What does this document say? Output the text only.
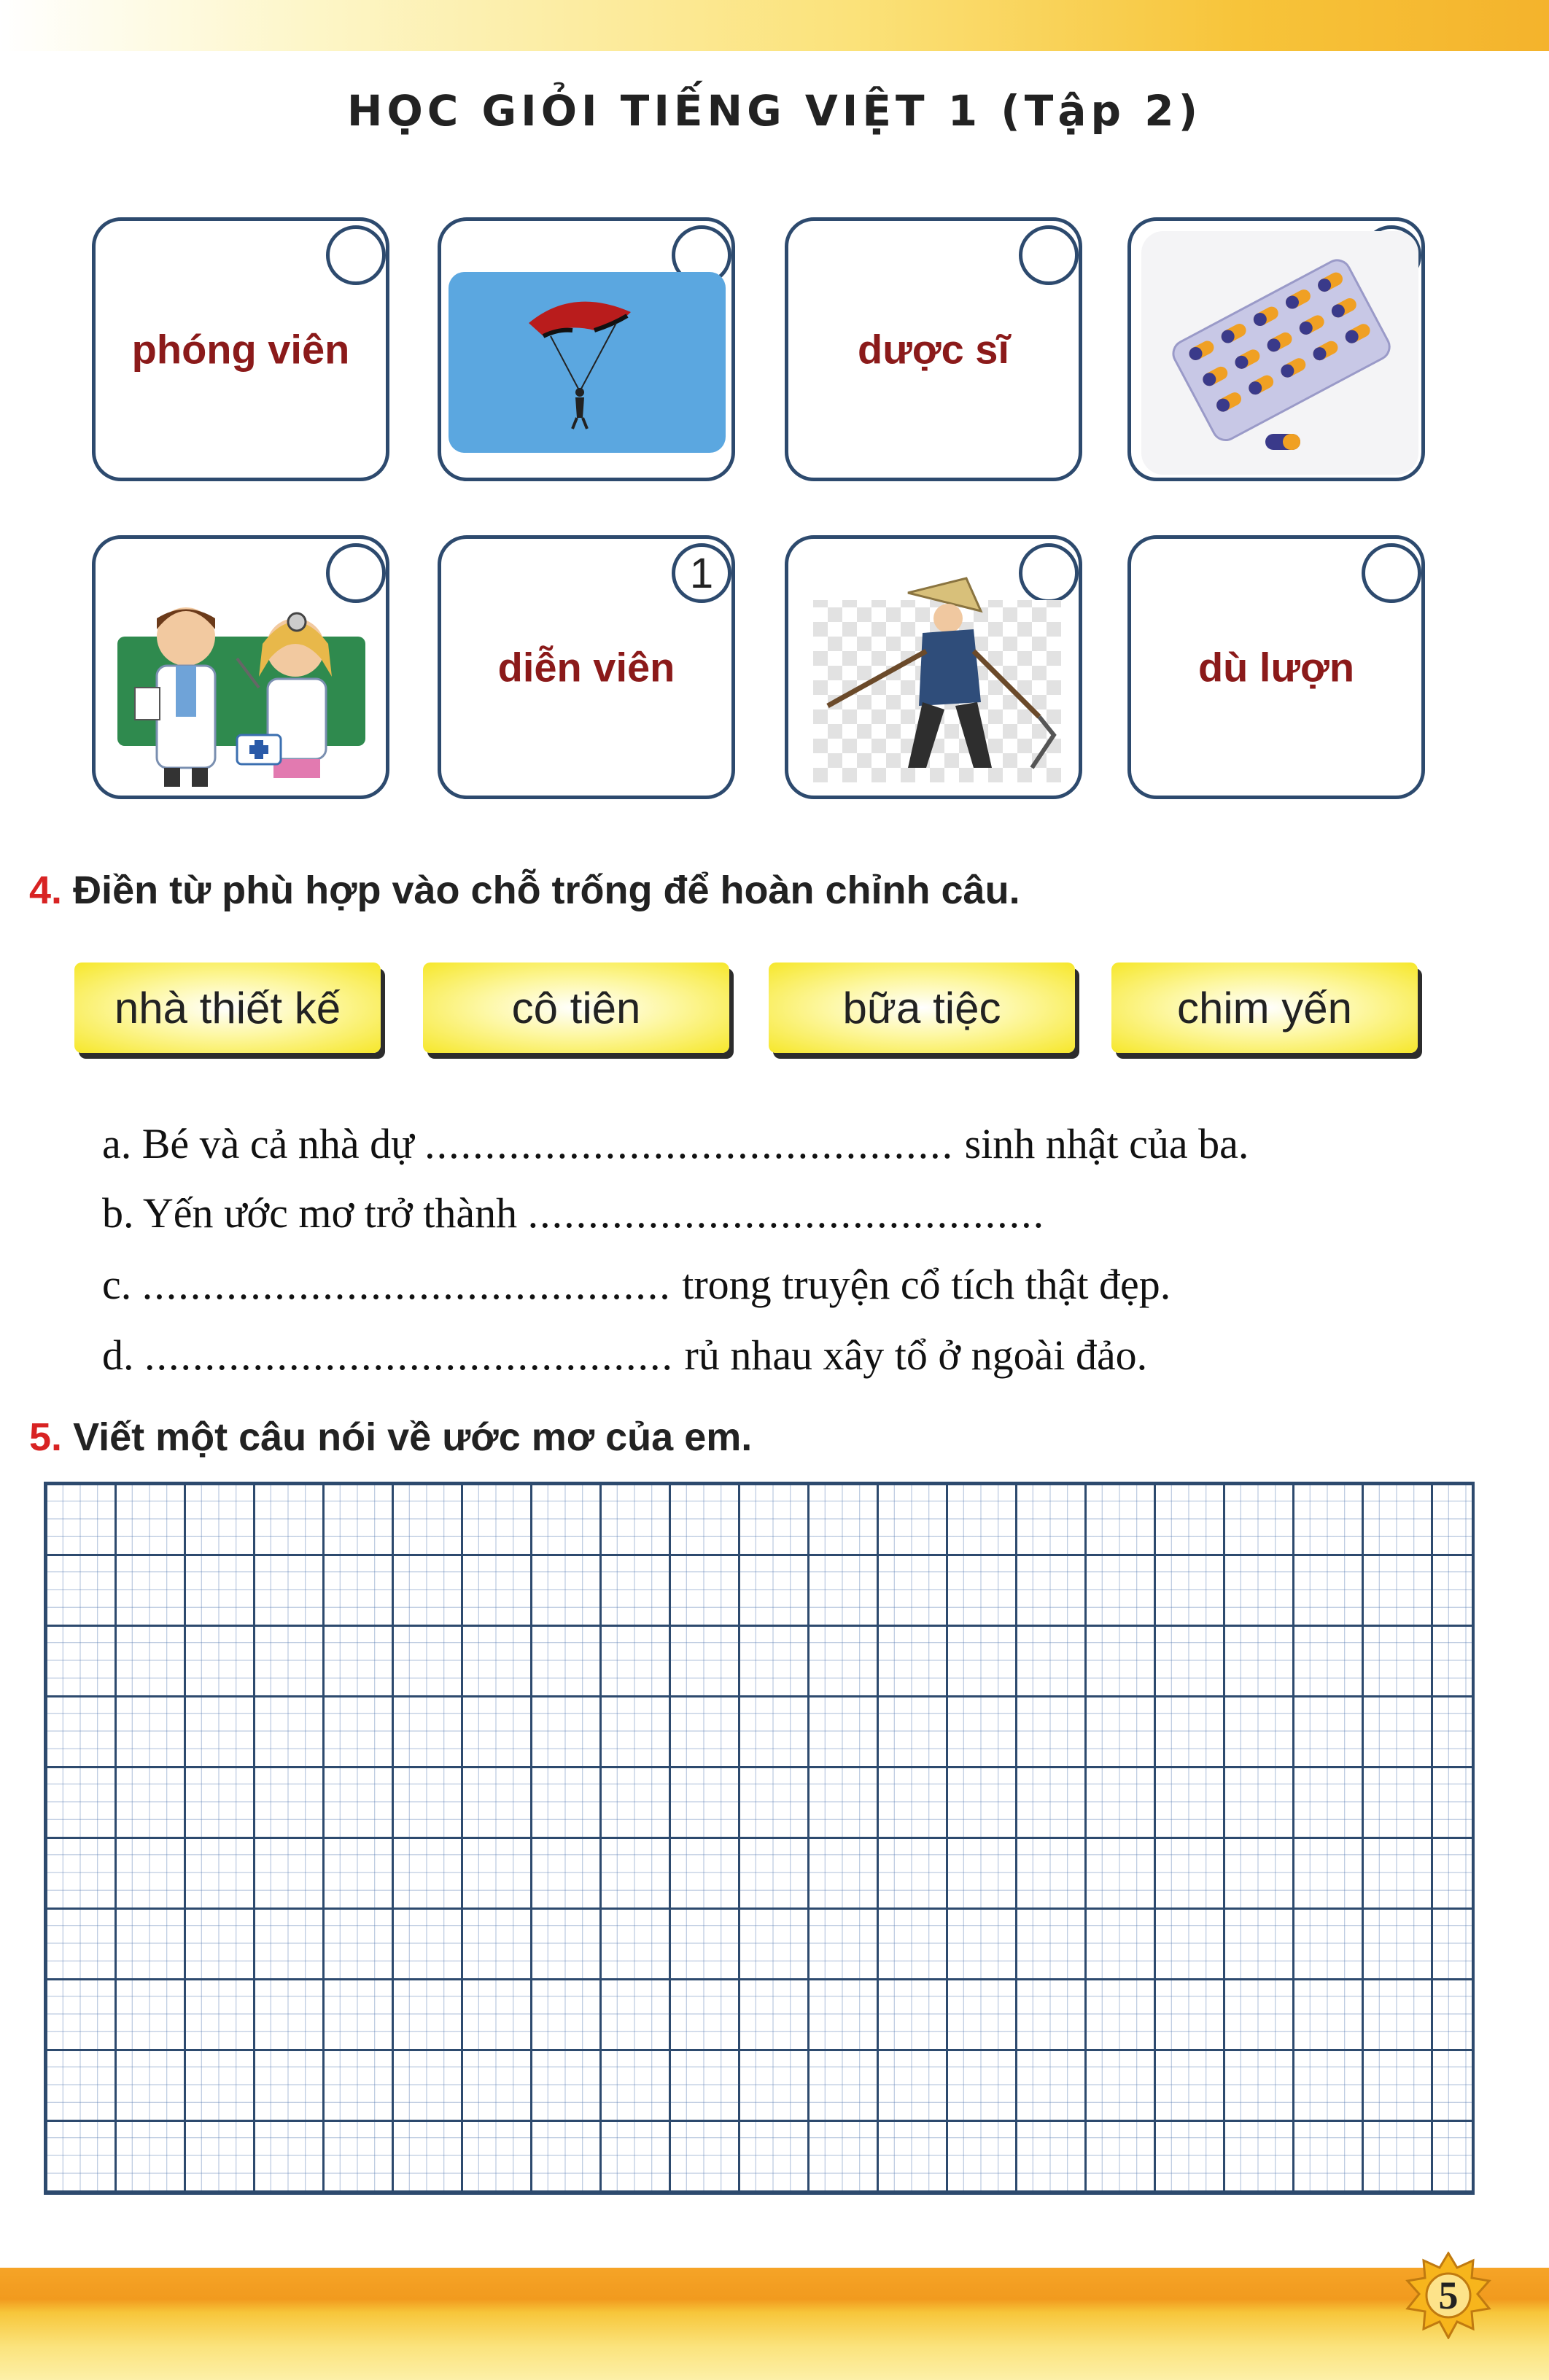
HỌC GIỎI TIẾNG VIỆT 1 (Tập 2)
phóng viên	dược sĩ
1
diễn viên	dù lượn
4. Điền từ phù hợp vào chỗ trống để hoàn chỉnh câu.
nhà thiết kế	cô tiên	bữa tiệc	chim yến
a. Bé và cả nhà dự ............................................ sinh nhật của ba.
b. Yến ước mơ trở thành ...........................................
c. ............................................ trong truyện cổ tích thật đẹp.
d. ............................................ rủ nhau xây tổ ở ngoài đảo.
5. Viết một câu nói về ước mơ của em.
5
